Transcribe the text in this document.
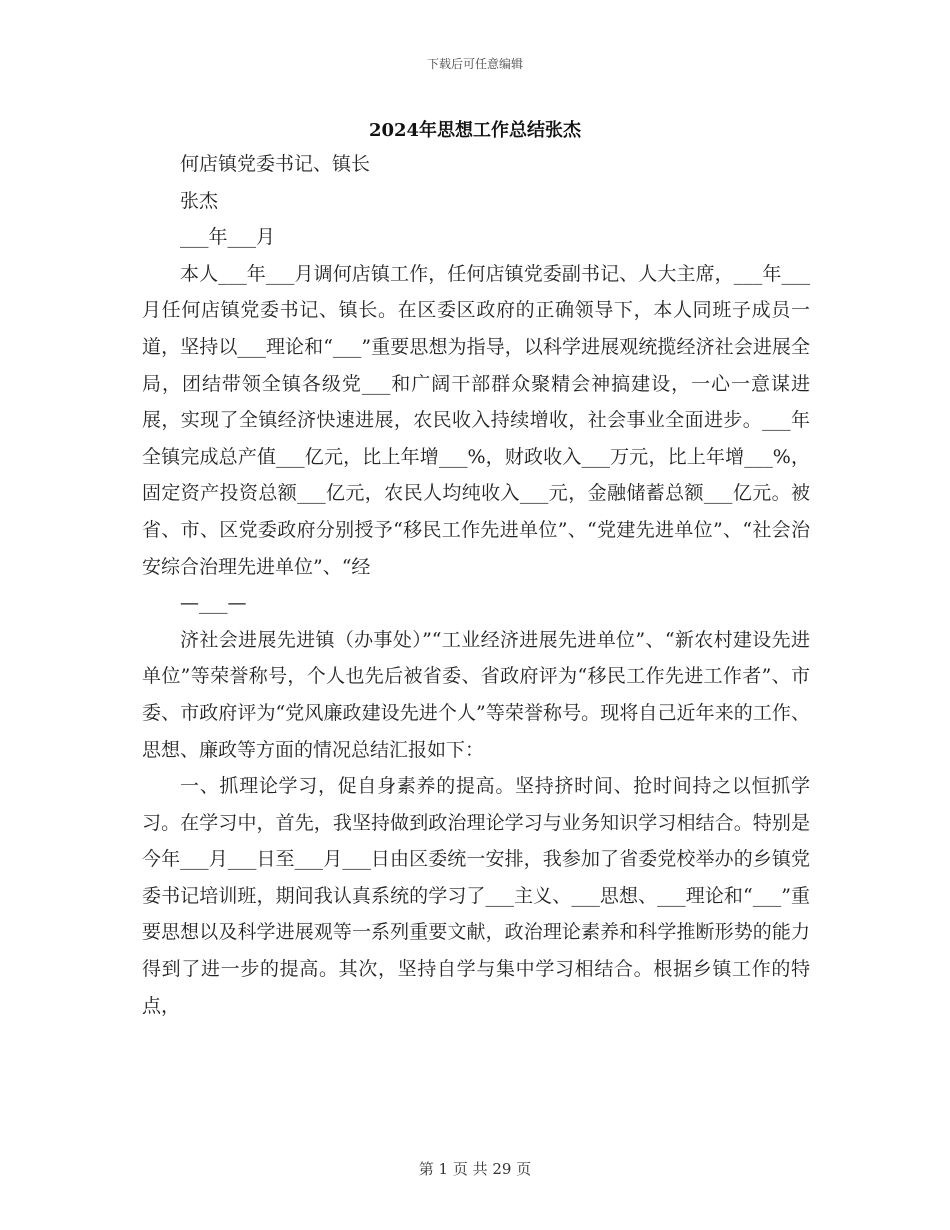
下载后可任意编辑
2024年思想工作总结张杰

何店镇党委书记、镇长

张杰

___年___月

本人___年___月调何店镇工作，任何店镇党委副书记、人大主席，___年___月任何店镇党委书记、镇长。在区委区政府的正确领导下，本人同班子成员一道，坚持以___理论和“___”重要思想为指导，以科学进展观统揽经济社会进展全局，团结带领全镇各级党___和广阔干部群众聚精会神搞建设，一心一意谋进展，实现了全镇经济快速进展，农民收入持续增收，社会事业全面进步。___年全镇完成总产值___亿元，比上年增___%，财政收入___万元，比上年增___%，固定资产投资总额___亿元，农民人均纯收入___元，金融储蓄总额___亿元。被省、市、区党委政府分别授予“移民工作先进单位”、“党建先进单位”、“社会治安综合治理先进单位”、“经

—___—

济社会进展先进镇（办事处）”“工业经济进展先进单位”、“新农村建设先进单位”等荣誉称号，个人也先后被省委、省政府评为“移民工作先进工作者”、市委、市政府评为“党风廉政建设先进个人”等荣誉称号。现将自己近年来的工作、思想、廉政等方面的情况总结汇报如下：

一、抓理论学习，促自身素养的提高。坚持挤时间、抢时间持之以恒抓学习。在学习中，首先，我坚持做到政治理论学习与业务知识学习相结合。特别是今年___月___日至___月___日由区委统一安排，我参加了省委党校举办的乡镇党委书记培训班，期间我认真系统的学习了___主义、___思想、___理论和“___”重要思想以及科学进展观等一系列重要文献，政治理论素养和科学推断形势的能力得到了进一步的提高。其次，坚持自学与集中学习相结合。根据乡镇工作的特点，

第 1 页 共 29 页
